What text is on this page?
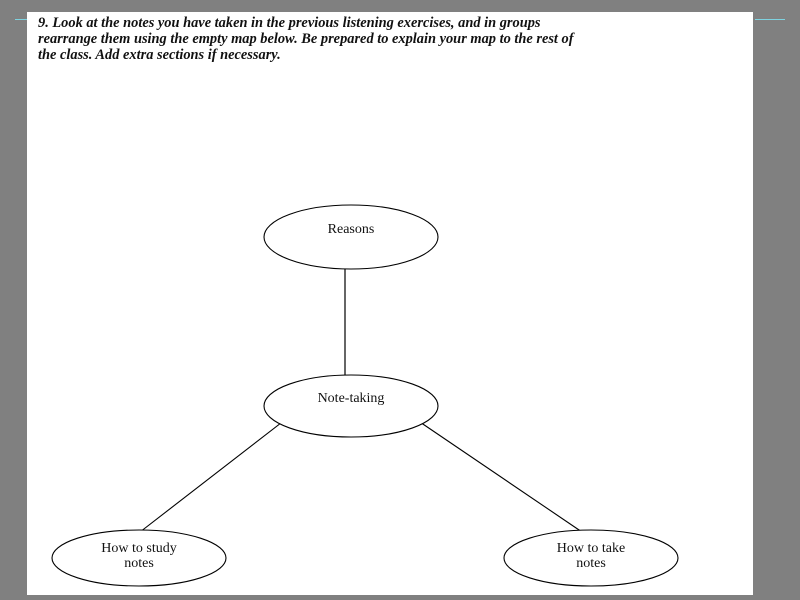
9. Look at the notes you have taken in the previous listening exercises, and in groups
rearrange them using the empty map below. Be prepared to explain your map to the rest of
the class. Add extra sections if necessary.

Reasons
Note-taking
How to study
notes
How to take
notes
